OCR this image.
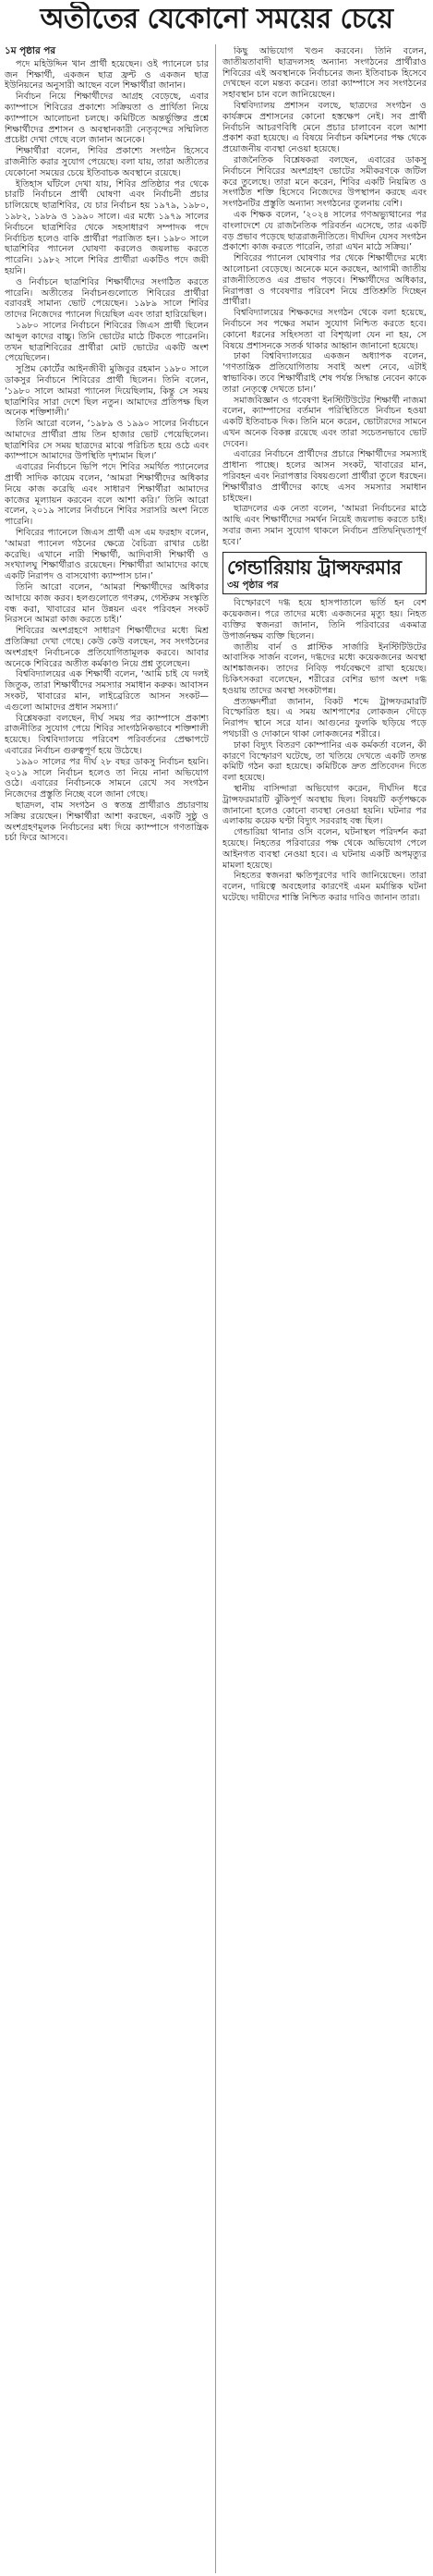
অতীতের যেকোনো সময়ের চেয়ে
১ম পৃষ্ঠার পর

পদে মহিউদ্দিন খান প্রার্থী হয়েছেন। ওই প্যানেলে চার জন শিক্ষার্থী, একজন ছাত্র ফ্রন্ট ও একজন ছাত্র ইউনিয়নের অনুসারী আছেন বলে শিক্ষার্থীরা জানান।

নির্বাচন নিয়ে শিক্ষার্থীদের আগ্রহ বেড়েছে, এবার ক্যাম্পাসে শিবিরের প্রকাশ্যে সক্রিয়তা ও প্রার্থিতা নিয়ে ক্যাম্পাসে আলোচনা চলছে। কমিটিতে অন্তর্ভুক্তির প্রশ্নে শিক্ষার্থীদের প্রশাসন ও অবস্থানকারী নেতৃবৃন্দের সম্মিলিত প্রচেষ্টা দেখা গেছে বলে জানান অনেকে।

শিক্ষার্থীরা বলেন, শিবির প্রকাশ্যে সংগঠন হিসেবে রাজনীতি করার সুযোগ পেয়েছে। বলা যায়, তারা অতীতের যেকোনো সময়ের চেয়ে ইতিবাচক অবস্থানে রয়েছে।

ইতিহাস ঘাঁটলে দেখা যায়, শিবির প্রতিষ্ঠার পর থেকে চারটি নির্বাচনে প্রার্থী ঘোষণা এবং নির্বাচনী প্রচার চালিয়েছে ছাত্রশিবির, যে চার নির্বাচন হয় ১৯৭৯, ১৯৮০, ১৯৮২, ১৯৮৯ ও ১৯৯০ সালে। এর মধ্যে ১৯৭৯ সালের নির্বাচনে ছাত্রশিবির থেকে সহসাধারণ সম্পাদক পদে নির্বাচিত হলেও বাকি প্রার্থীরা পরাজিত হন। ১৯৮০ সালে ছাত্রশিবির প্যানেল ঘোষণা করলেও জয়লাভ করতে পারেনি। ১৯৮২ সালে শিবির প্রার্থীরা একটিও পদে জয়ী হয়নি।

ও নির্বাচনে ছাত্রশিবির শিক্ষার্থীদের সংগঠিত করতে পারেনি। অতীতের নির্বাচনগুলোতে শিবিরের প্রার্থীরা বরাবরই সামান্য ভোট পেয়েছেন। ১৯৮৯ সালে শিবির তাদের নিজেদের প্যানেল দিয়েছিল এবং তারা হারিয়েছিল।

১৯৮০ সালের নির্বাচনে শিবিরের জিএস প্রার্থী ছিলেন আব্দুল কাদের বাচ্চু। তিনি ভোটের মাঠে টিকতে পারেননি। তখন ছাত্রশিবিরের প্রার্থীরা মোট ভোটের একটি অংশ পেয়েছিলেন।

সুপ্রিম কোর্টের আইনজীবী মুজিবুর রহমান ১৯৮০ সালে ডাকসুর নির্বাচনে শিবিরের প্রার্থী ছিলেন। তিনি বলেন, ‘১৯৮০ সালে আমরা প্যানেল দিয়েছিলাম, কিন্তু সে সময় ছাত্রশিবির সারা দেশে ছিল নতুন। আমাদের প্রতিপক্ষ ছিল অনেক শক্তিশালী।’

তিনি আরো বলেন, ‘১৯৮৯ ও ১৯৯০ সালের নির্বাচনে আমাদের প্রার্থীরা প্রায় তিন হাজার ভোট পেয়েছিলেন। ছাত্রশিবির সে সময় ছাত্রদের মাঝে পরিচিত হয়ে ওঠে এবং ক্যাম্পাসে আমাদের উপস্থিতি দৃশ্যমান ছিল।’

এবারের নির্বাচনে ভিপি পদে শিবির সমর্থিত প্যানেলের প্রার্থী সাদিক কায়েম বলেন, ‘আমরা শিক্ষার্থীদের অধিকার নিয়ে কাজ করেছি এবং সাধারণ শিক্ষার্থীরা আমাদের কাজের মূল্যায়ন করবেন বলে আশা করি।’ তিনি আরো বলেন, ২০১৯ সালের নির্বাচনে শিবির সরাসরি অংশ নিতে পারেনি।

শিবিরের প্যানেলে জিএস প্রার্থী এস এম ফরহাদ বলেন, ‘আমরা প্যানেল গঠনের ক্ষেত্রে বৈচিত্র্য রাখার চেষ্টা করেছি। এখানে নারী শিক্ষার্থী, আদিবাসী শিক্ষার্থী ও সংখ্যালঘু শিক্ষার্থীরাও রয়েছেন। শিক্ষার্থীরা আমাদের কাছে একটি নিরাপদ ও বাসযোগ্য ক্যাম্পাস চান।’

তিনি আরো বলেন, ‘আমরা শিক্ষার্থীদের অধিকার আদায়ে কাজ করব। হলগুলোতে গণরুম, গেস্টরুম সংস্কৃতি বন্ধ করা, খাবারের মান উন্নয়ন এবং পরিবহন সংকট নিরসনে আমরা কাজ করতে চাই।’

শিবিরের অংশগ্রহণে সাধারণ শিক্ষার্থীদের মধ্যে মিশ্র প্রতিক্রিয়া দেখা গেছে। কেউ কেউ বলছেন, সব সংগঠনের অংশগ্রহণ নির্বাচনকে প্রতিযোগিতামূলক করবে। আবার অনেকে শিবিরের অতীত কর্মকাণ্ড নিয়ে প্রশ্ন তুলেছেন।

বিশ্ববিদ্যালয়ের এক শিক্ষার্থী বলেন, ‘আমি চাই যে দলই জিতুক, তারা শিক্ষার্থীদের সমস্যার সমাধান করুক। আবাসন সংকট, খাবারের মান, লাইব্রেরিতে আসন সংকট— এগুলো আমাদের প্রধান সমস্যা।’

বিশ্লেষকরা বলছেন, দীর্ঘ সময় পর ক্যাম্পাসে প্রকাশ্য রাজনীতির সুযোগ পেয়ে শিবির সাংগঠনিকভাবে শক্তিশালী হয়েছে। বিশ্ববিদ্যালয়ে পরিবেশ পরিবর্তনের প্রেক্ষাপটে এবারের নির্বাচন গুরুত্বপূর্ণ হয়ে উঠেছে।

১৯৯০ সালের পর দীর্ঘ ২৮ বছর ডাকসু নির্বাচন হয়নি। ২০১৯ সালে নির্বাচন হলেও তা নিয়ে নানা অভিযোগ ওঠে। এবারের নির্বাচনকে সামনে রেখে সব সংগঠন নিজেদের প্রস্তুতি নিচ্ছে বলে জানা গেছে।

ছাত্রদল, বাম সংগঠন ও স্বতন্ত্র প্রার্থীরাও প্রচারণায় সক্রিয় রয়েছেন। শিক্ষার্থীরা আশা করছেন, একটি সুষ্ঠু ও অংশগ্রহণমূলক নির্বাচনের মধ্য দিয়ে ক্যাম্পাসে গণতান্ত্রিক চর্চা ফিরে আসবে।

কিছু অভিযোগ খণ্ডন করবেন। তিনি বলেন, জাতীয়তাবাদী ছাত্রদলসহ অন্যান্য সংগঠনের প্রার্থীরাও শিবিরের এই অবস্থানকে নির্বাচনের জন্য ইতিবাচক হিসেবে দেখছেন বলে মন্তব্য করেন। তারা ক্যাম্পাসে সব সংগঠনের সহাবস্থান চান বলে জানিয়েছেন।

বিশ্ববিদ্যালয় প্রশাসন বলছে, ছাত্রদের সংগঠন ও কার্যক্রমে প্রশাসনের কোনো হস্তক্ষেপ নেই। সব প্রার্থী নির্বাচনি আচরণবিধি মেনে প্রচার চালাবেন বলে আশা প্রকাশ করা হয়েছে। এ বিষয়ে নির্বাচন কমিশনের পক্ষ থেকে প্রয়োজনীয় ব্যবস্থা নেওয়া হয়েছে।

রাজনৈতিক বিশ্লেষকরা বলছেন, এবারের ডাকসু নির্বাচনে শিবিরের অংশগ্রহণ ভোটের সমীকরণকে জটিল করে তুলেছে। তারা মনে করেন, শিবির একটি নিয়মিত ও সংগঠিত শক্তি হিসেবে নিজেদের উপস্থাপন করছে এবং সংগঠনটির প্রস্তুতি অন্যান্য সংগঠনের তুলনায় বেশি।

এক শিক্ষক বলেন, ‘২০২৪ সালের গণঅভ্যুত্থানের পর বাংলাদেশে যে রাজনৈতিক পরিবর্তন এসেছে, তার একটি বড় প্রভাব পড়েছে ছাত্ররাজনীতিতে। দীর্ঘদিন যেসব সংগঠন প্রকাশ্যে কাজ করতে পারেনি, তারা এখন মাঠে সক্রিয়।’

শিবিরের প্যানেল ঘোষণার পর থেকে শিক্ষার্থীদের মধ্যে আলোচনা বেড়েছে। অনেকে মনে করছেন, আগামী জাতীয় রাজনীতিতেও এর প্রভাব পড়বে। শিক্ষার্থীদের অধিকার, নিরাপত্তা ও গবেষণার পরিবেশ নিয়ে প্রতিশ্রুতি দিচ্ছেন প্রার্থীরা।

বিশ্ববিদ্যালয়ের শিক্ষকদের সংগঠন থেকে বলা হয়েছে, নির্বাচনে সব পক্ষের সমান সুযোগ নিশ্চিত করতে হবে। কোনো ধরনের সহিংসতা বা বিশৃঙ্খলা যেন না হয়, সে বিষয়ে প্রশাসনকে সতর্ক থাকার আহ্বান জানানো হয়েছে।

ঢাকা বিশ্ববিদ্যালয়ের একজন অধ্যাপক বলেন, ‘গণতান্ত্রিক প্রতিযোগিতায় সবাই অংশ নেবে, এটাই স্বাভাবিক। তবে শিক্ষার্থীরাই শেষ পর্যন্ত সিদ্ধান্ত নেবেন কাকে তারা নেতৃত্বে দেখতে চান।’

সমাজবিজ্ঞান ও গবেষণা ইনস্টিটিউটের শিক্ষার্থী নাজমা বলেন, ক্যাম্পাসের বর্তমান পরিস্থিতিতে নির্বাচন হওয়া একটি ইতিবাচক দিক। তিনি মনে করেন, ভোটারদের সামনে এখন অনেক বিকল্প রয়েছে এবং তারা সচেতনভাবে ভোট দেবেন।

এবারের নির্বাচনে প্রার্থীদের প্রচারে শিক্ষার্থীদের সমস্যাই প্রাধান্য পাচ্ছে। হলের আসন সংকট, খাবারের মান, পরিবহন এবং নিরাপত্তার বিষয়গুলো প্রার্থীরা তুলে ধরছেন। শিক্ষার্থীরাও প্রার্থীদের কাছে এসব সমস্যার সমাধান চাইছেন।

ছাত্রদলের এক নেতা বলেন, ‘আমরা নির্বাচনের মাঠে আছি এবং শিক্ষার্থীদের সমর্থন নিয়েই জয়লাভ করতে চাই। সবার জন্য সমান সুযোগ থাকলে নির্বাচন প্রতিদ্বন্দ্বিতাপূর্ণ হবে।’

গেন্ডারিয়ায় ট্রান্সফরমার
৩য় পৃষ্ঠার পর

বিস্ফোরণে দগ্ধ হয়ে হাসপাতালে ভর্তি হন বেশ কয়েকজন। পরে তাদের মধ্যে একজনের মৃত্যু হয়। নিহত ব্যক্তির স্বজনরা জানান, তিনি পরিবারের একমাত্র উপার্জনক্ষম ব্যক্তি ছিলেন।

জাতীয় বার্ন ও প্লাস্টিক সার্জারি ইনস্টিটিউটের আবাসিক সার্জন বলেন, দগ্ধদের মধ্যে কয়েকজনের অবস্থা আশঙ্কাজনক। তাদের নিবিড় পর্যবেক্ষণে রাখা হয়েছে। চিকিৎসকরা বলেছেন, শরীরের বেশির ভাগ অংশ দগ্ধ হওয়ায় তাদের অবস্থা সংকটাপন্ন।

প্রত্যক্ষদর্শীরা জানান, বিকট শব্দে ট্রান্সফরমারটি বিস্ফোরিত হয়। এ সময় আশপাশের লোকজন দৌড়ে নিরাপদ স্থানে সরে যান। আগুনের ফুলকি ছড়িয়ে পড়ে পথচারী ও দোকানে থাকা লোকজনের শরীরে।

ঢাকা বিদ্যুৎ বিতরণ কোম্পানির এক কর্মকর্তা বলেন, কী কারণে বিস্ফোরণ ঘটেছে, তা খতিয়ে দেখতে একটি তদন্ত কমিটি গঠন করা হয়েছে। কমিটিকে দ্রুত প্রতিবেদন দিতে বলা হয়েছে।

স্থানীয় বাসিন্দারা অভিযোগ করেন, দীর্ঘদিন ধরে ট্রান্সফরমারটি ঝুঁকিপূর্ণ অবস্থায় ছিল। বিষয়টি কর্তৃপক্ষকে জানানো হলেও কোনো ব্যবস্থা নেওয়া হয়নি। ঘটনার পর এলাকায় কয়েক ঘণ্টা বিদ্যুৎ সরবরাহ বন্ধ ছিল।

গেন্ডারিয়া থানার ওসি বলেন, ঘটনাস্থল পরিদর্শন করা হয়েছে। নিহতের পরিবারের পক্ষ থেকে অভিযোগ পেলে আইনগত ব্যবস্থা নেওয়া হবে। এ ঘটনায় একটি অপমৃত্যুর মামলা হয়েছে।

নিহতের স্বজনরা ক্ষতিপূরণের দাবি জানিয়েছেন। তারা বলেন, দায়িত্বে অবহেলার কারণেই এমন মর্মান্তিক ঘটনা ঘটেছে। দায়ীদের শাস্তি নিশ্চিত করার দাবিও জানান তারা।
